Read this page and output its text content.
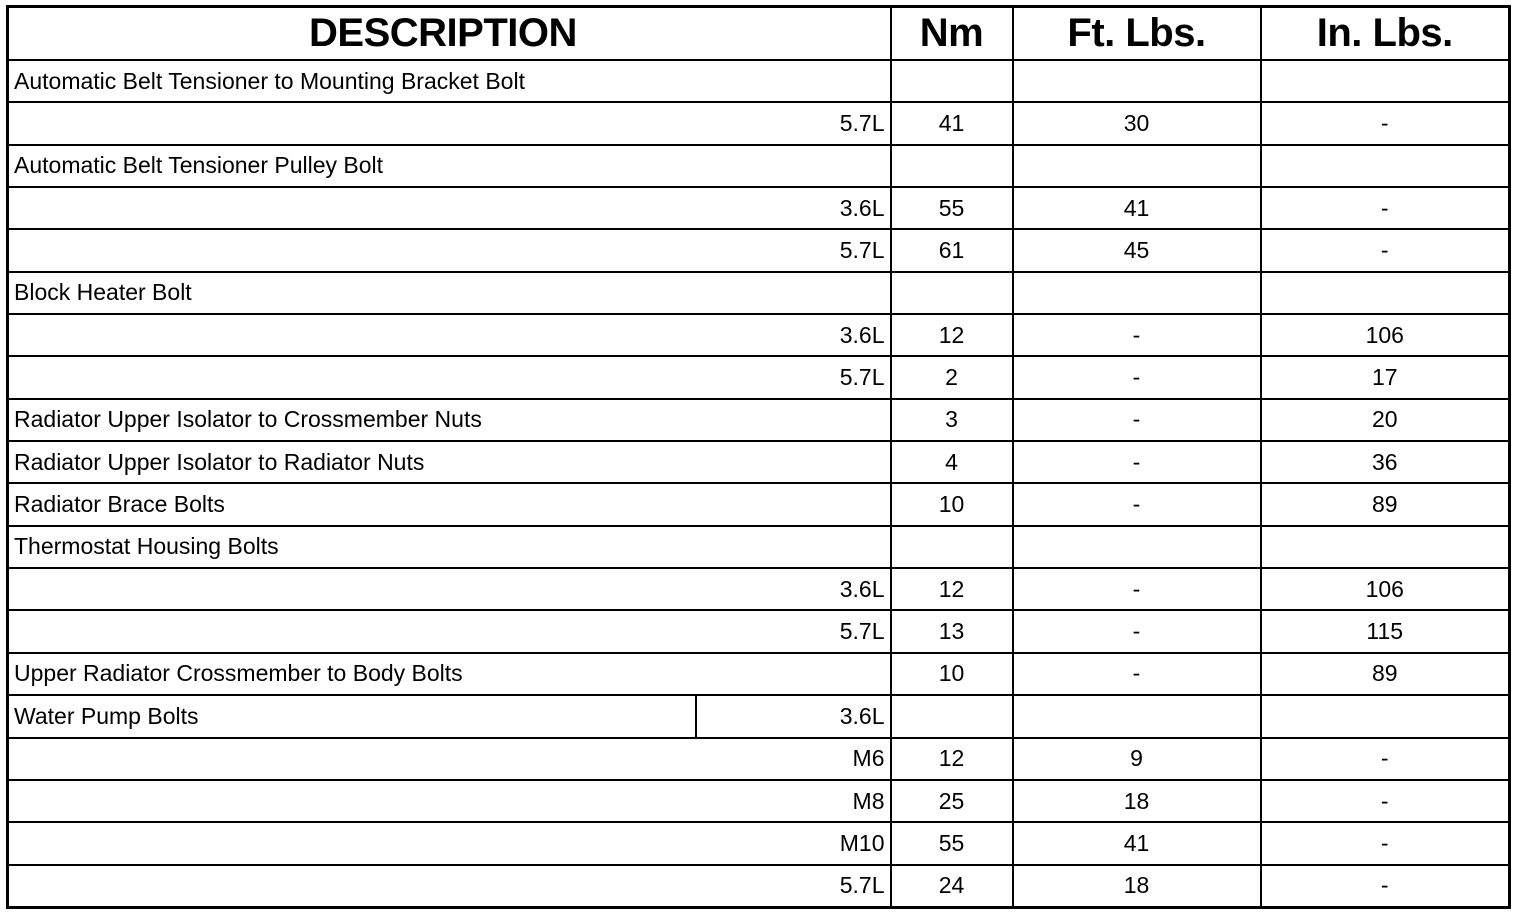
DESCRIPTION	Nm	Ft. Lbs.	In. Lbs.
Automatic Belt Tensioner to Mounting Bracket Bolt			
5.7L	41	30	-
Automatic Belt Tensioner Pulley Bolt			
3.6L	55	41	-
5.7L	61	45	-
Block Heater Bolt			
3.6L	12	-	106
5.7L	2	-	17
Radiator Upper Isolator to Crossmember Nuts	3	-	20
Radiator Upper Isolator to Radiator Nuts	4	-	36
Radiator Brace Bolts	10	-	89
Thermostat Housing Bolts			
3.6L	12	-	106
5.7L	13	-	115
Upper Radiator Crossmember to Body Bolts	10	-	89

Water Pump Bolts 3.6L			

M6	12	9	-
M8	25	18	-
M10	55	41	-
5.7L	24	18	-
